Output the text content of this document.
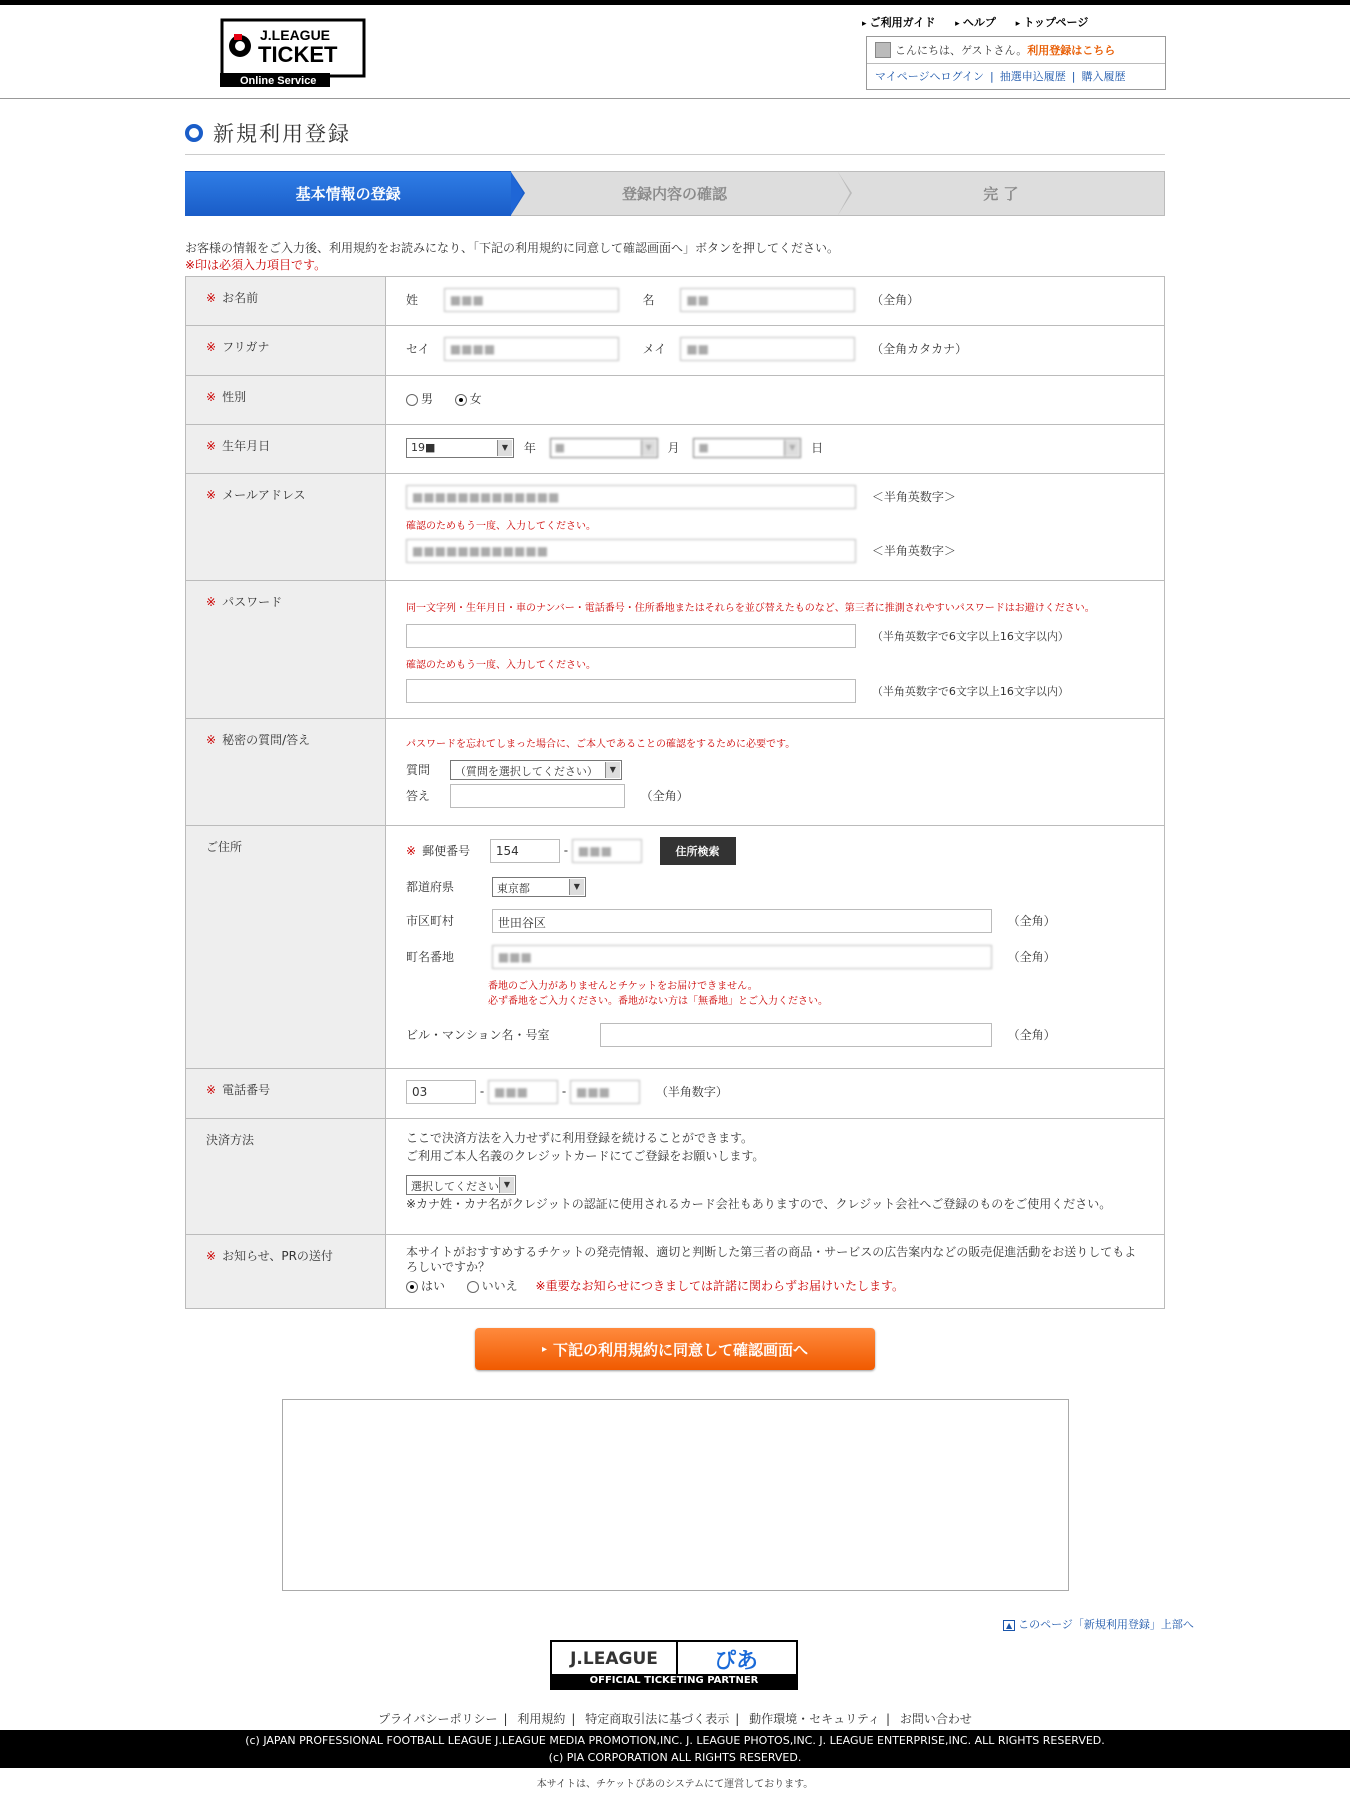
J.LEAGUE
TICKET
Online Service
▸ ご利用ガイド	▸ ヘルプ	▸ トップページ
こんにちは、ゲストさん。 利用登録はこちら
マイページへログイン | 抽選申込履歴 | 購入履歴
新規利用登録
基本情報の登録	登録内容の確認	完 了
お客様の情報をご入力後、利用規約をお読みになり、「下記の利用規約に同意して確認画面へ」ボタンを押してください。
※印は必須入力項目です。
※ お名前	姓	■■■	名	■■	（全角）
※ フリガナ	セイ ■■■■	メイ ■■	（全角カタカナ）
※ 性別	男	女
※ 生年月日	19■ ▼	年 ■ ▼	月 ■ ▼	日
※ メールアドレス	■■■■■■■■■■■■■	＜半角英数字＞
確認のためもう一度、入力してください。
■■■■■■■■■■■■	＜半角英数字＞
※ パスワード	同一文字列・生年月日・車のナンバー・電話番号・住所番地またはそれらを並び替えたものなど、第三者に推測されやすいパスワードはお避けください。
（半角英数字で6文字以上16文字以内）
確認のためもう一度、入力してください。
（半角英数字で6文字以上16文字以内）
※ 秘密の質問/答え	パスワードを忘れてしまった場合に、ご本人であることの確認をするために必要です。
質問 （質問を選択してください） ▼
答え	（全角）
ご住所	※ 郵便番号 154	- ■■■	住所検索
都道府県	東京都 ▼
市区町村	世田谷区	（全角）
町名番地	■■■	（全角）
番地のご入力がありませんとチケットをお届けできません。
必ず番地をご入力ください。番地がない方は「無番地」とご入力ください。
ビル・マンション名・号室	（全角）
※ 電話番号	03	- ■■■	- ■■■	（半角数字）
決済方法	ここで決済方法を入力せずに利用登録を続けることができます。
ご利用ご本人名義のクレジットカードにてご登録をお願いします。
選択してください ▼
※カナ姓・カナ名がクレジットの認証に使用されるカード会社もありますので、クレジット会社へご登録のものをご使用ください。
※ お知らせ、PRの送付	本サイトがおすすめするチケットの発売情報、適切と判断した第三者の商品・サービスの広告案内などの販売促進活動をお送りしてもよろしいですか？
はい	いいえ ※重要なお知らせにつきましては許諾に関わらずお届けいたします。
▸ 下記の利用規約に同意して確認画面へ
▲ このページ「新規利用登録」上部へ
J.LEAGUE	ぴあ
OFFICIAL TICKETING PARTNER
プライバシーポリシー | 利用規約 | 特定商取引法に基づく表示 | 動作環境・セキュリティ | お問い合わせ
(c) JAPAN PROFESSIONAL FOOTBALL LEAGUE J.LEAGUE MEDIA PROMOTION,INC. J. LEAGUE PHOTOS,INC. J. LEAGUE ENTERPRISE,INC. ALL RIGHTS RESERVED.
(c) PIA CORPORATION ALL RIGHTS RESERVED.
本サイトは、チケットぴあのシステムにて運営しております。
